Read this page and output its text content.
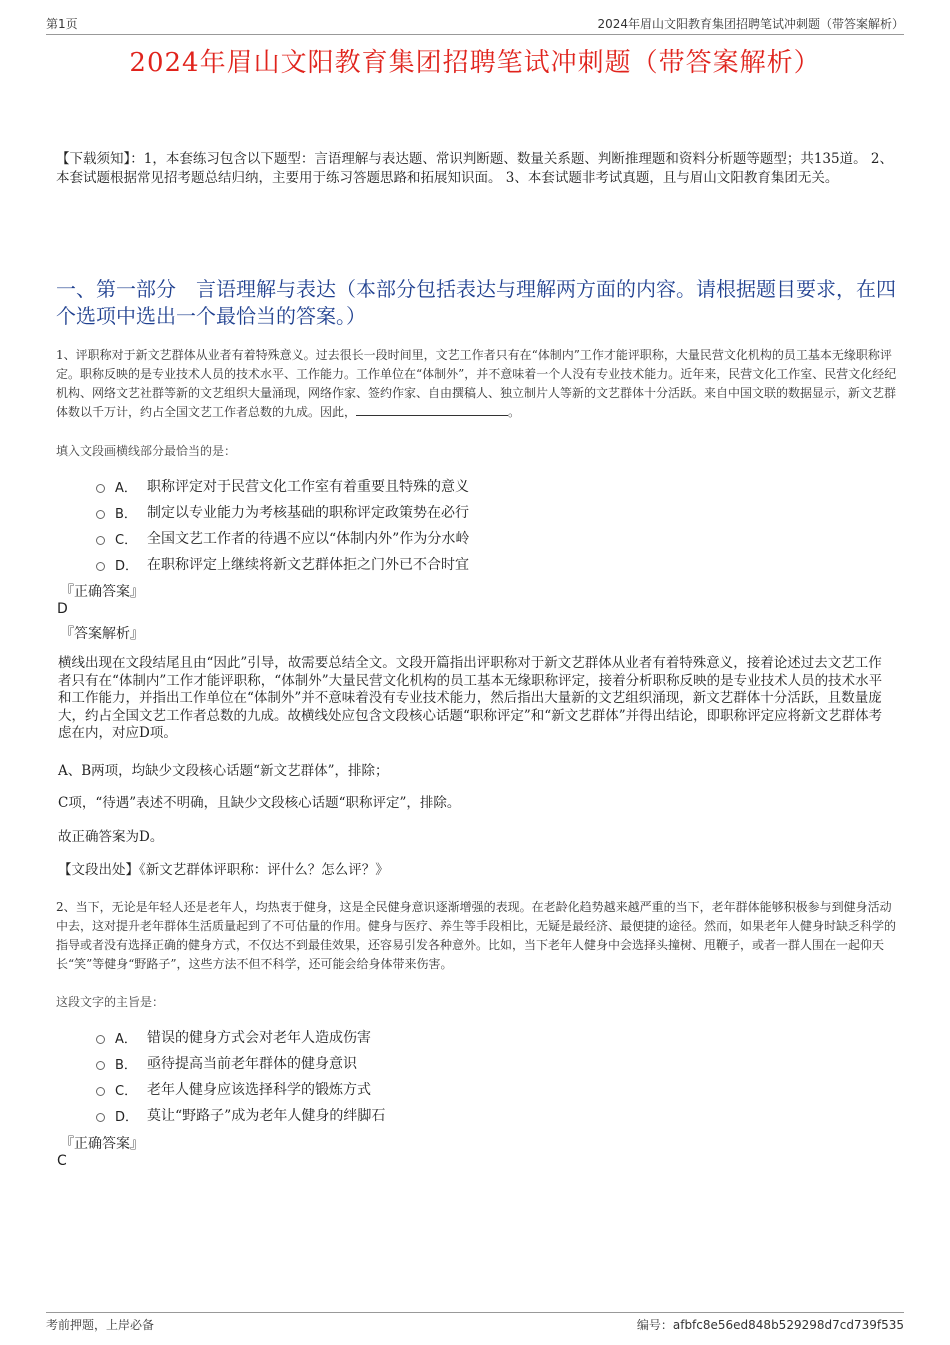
第1页	2024年眉山文阳教育集团招聘笔试冲刺题（带答案解析）
2024年眉山文阳教育集团招聘笔试冲刺题（带答案解析）
【下载须知】：1，本套练习包含以下题型：言语理解与表达题、常识判断题、数量关系题、判断推理题和资料分析题等题型；共135道。 2、本套试题根据常见招考题总结归纳，主要用于练习答题思路和拓展知识面。 3、本套试题非考试真题，且与眉山文阳教育集团无关。
一、第一部分　言语理解与表达（本部分包括表达与理解两方面的内容。请根据题目要求，在四个选项中选出一个最恰当的答案。）
1、评职称对于新文艺群体从业者有着特殊意义。过去很长一段时间里，文艺工作者只有在“体制内”工作才能评职称，大量民营文化机构的员工基本无缘职称评定。职称反映的是专业技术人员的技术水平、工作能力。工作单位在“体制外”，并不意味着一个人没有专业技术能力。近年来，民营文化工作室、民营文化经纪机构、网络文艺社群等新的文艺组织大量涌现，网络作家、签约作家、自由撰稿人、独立制片人等新的文艺群体十分活跃。来自中国文联的数据显示，新文艺群体数以千万计，约占全国文艺工作者总数的九成。因此，	。
填入文段画横线部分最恰当的是：
A． 职称评定对于民营文化工作室有着重要且特殊的意义
B． 制定以专业能力为考核基础的职称评定政策势在必行
C． 全国文艺工作者的待遇不应以“体制内外”作为分水岭
D． 在职称评定上继续将新文艺群体拒之门外已不合时宜
『正确答案』
D
『答案解析』
横线出现在文段结尾且由“因此”引导，故需要总结全文。文段开篇指出评职称对于新文艺群体从业者有着特殊意义，接着论述过去文艺工作者只有在“体制内”工作才能评职称，“体制外”大量民营文化机构的员工基本无缘职称评定，接着分析职称反映的是专业技术人员的技术水平和工作能力，并指出工作单位在“体制外”并不意味着没有专业技术能力，然后指出大量新的文艺组织涌现，新文艺群体十分活跃，且数量庞大，约占全国文艺工作者总数的九成。故横线处应包含文段核心话题“职称评定”和“新文艺群体”并得出结论，即职称评定应将新文艺群体考虑在内，对应D项。
A、B两项，均缺少文段核心话题“新文艺群体”，排除；
C项，“待遇”表述不明确，且缺少文段核心话题“职称评定”，排除。
故正确答案为D。
【文段出处】《新文艺群体评职称：评什么？怎么评？》
2、当下，无论是年轻人还是老年人，均热衷于健身，这是全民健身意识逐渐增强的表现。在老龄化趋势越来越严重的当下，老年群体能够积极参与到健身活动中去，这对提升老年群体生活质量起到了不可估量的作用。健身与医疗、养生等手段相比，无疑是最经济、最便捷的途径。然而，如果老年人健身时缺乏科学的指导或者没有选择正确的健身方式，不仅达不到最佳效果，还容易引发各种意外。比如，当下老年人健身中会选择头撞树、甩鞭子，或者一群人围在一起仰天长“笑”等健身“野路子”，这些方法不但不科学，还可能会给身体带来伤害。
这段文字的主旨是：
A． 错误的健身方式会对老年人造成伤害
B． 亟待提高当前老年群体的健身意识
C． 老年人健身应该选择科学的锻炼方式
D． 莫让“野路子”成为老年人健身的绊脚石
『正确答案』
C
考前押题，上岸必备	编号：afbfc8e56ed848b529298d7cd739f535
